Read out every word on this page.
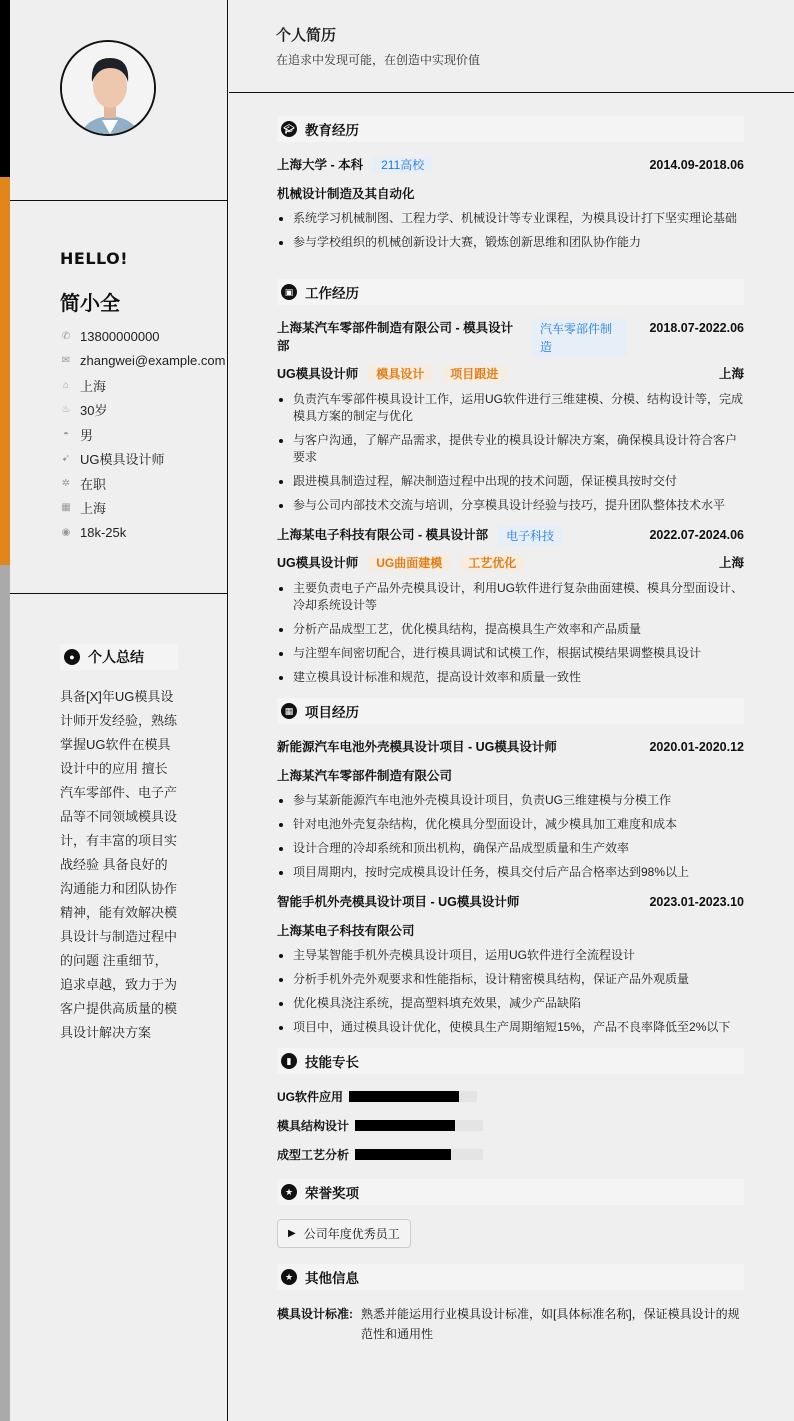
HELLO!
简小全
✆ 13800000000
✉ zhangwei@example.com
⌂ 上海
♨ 30岁
◓ 男
➹ UG模具设计师
✲ 在职
▦ 上海
◉ 18k-25k
● 个人总结
具备[X]年UG模具设计师开发经验，熟练掌握UG软件在模具设计中的应用 擅长汽车零部件、电子产品等不同领域模具设计，有丰富的项目实战经验 具备良好的沟通能力和团队协作精神，能有效解决模具设计与制造过程中的问题 注重细节，追求卓越，致力于为客户提供高质量的模具设计解决方案
个人简历
在追求中发现可能，在创造中实现价值
🎓︎ 教育经历
上海大学 - 本科 211高校	2014.09-2018.06
机械设计制造及其自动化
系统学习机械制图、工程力学、机械设计等专业课程，为模具设计打下坚实理论基础
参与学校组织的机械创新设计大赛，锻炼创新思维和团队协作能力
▣ 工作经历
上海某汽车零部件制造有限公司 - 模具设计部
汽车零部件制造
2018.07-2022.06
UG模具设计师 模具设计 项目跟进	上海
负责汽车零部件模具设计工作，运用UG软件进行三维建模、分模、结构设计等，完成模具方案的制定与优化
与客户沟通，了解产品需求，提供专业的模具设计解决方案，确保模具设计符合客户要求
跟进模具制造过程，解决制造过程中出现的技术问题，保证模具按时交付
参与公司内部技术交流与培训，分享模具设计经验与技巧，提升团队整体技术水平
上海某电子科技有限公司 - 模具设计部	电子科技	2022.07-2024.06
UG模具设计师 UG曲面建模 工艺优化	上海
主要负责电子产品外壳模具设计，利用UG软件进行复杂曲面建模、模具分型面设计、冷却系统设计等
分析产品成型工艺，优化模具结构，提高模具生产效率和产品质量
与注塑车间密切配合，进行模具调试和试模工作，根据试模结果调整模具设计
建立模具设计标准和规范，提高设计效率和质量一致性
▦ 项目经历
新能源汽车电池外壳模具设计项目 - UG模具设计师	2020.01-2020.12
上海某汽车零部件制造有限公司
参与某新能源汽车电池外壳模具设计项目，负责UG三维建模与分模工作
针对电池外壳复杂结构，优化模具分型面设计，减少模具加工难度和成本
设计合理的冷却系统和顶出机构，确保产品成型质量和生产效率
项目周期内，按时完成模具设计任务，模具交付后产品合格率达到98%以上
智能手机外壳模具设计项目 - UG模具设计师	2023.01-2023.10
上海某电子科技有限公司
主导某智能手机外壳模具设计项目，运用UG软件进行全流程设计
分析手机外壳外观要求和性能指标，设计精密模具结构，保证产品外观质量
优化模具浇注系统，提高塑料填充效果，减少产品缺陷
项目中，通过模具设计优化，使模具生产周期缩短15%，产品不良率降低至2%以下
▮	技能专长
UG软件应用
模具结构设计
成型工艺分析
★ 荣誉奖项
▶ 公司年度优秀员工
★ 其他信息
模具设计标准: 熟悉并能运用行业模具设计标准，如[具体标准名称]，保证模具设计的规范性和通用性
